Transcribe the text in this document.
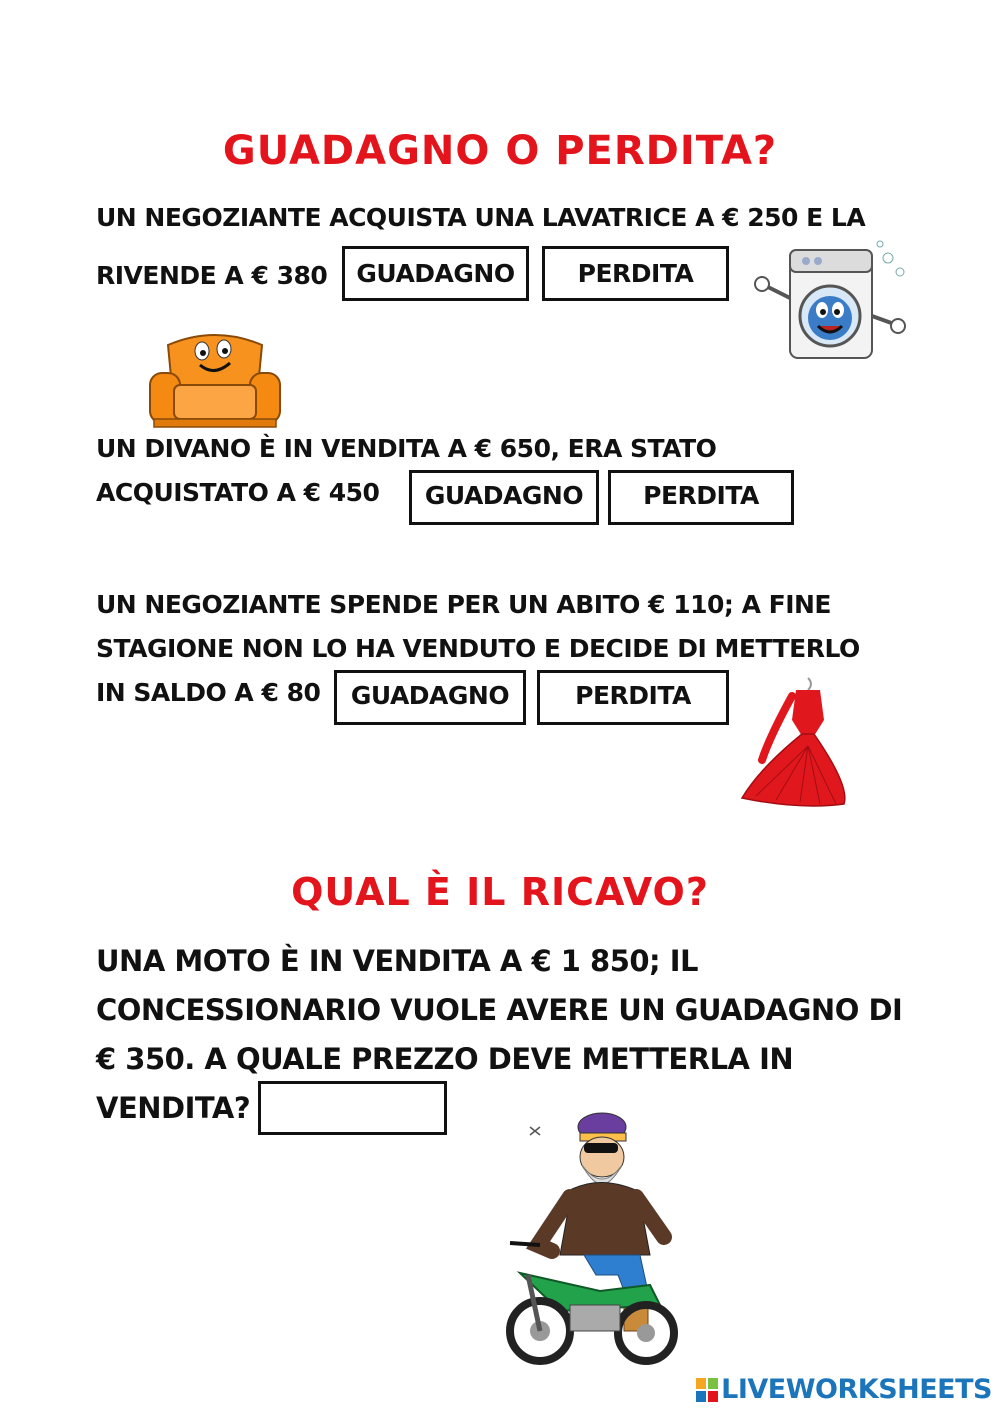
GUADAGNO O PERDITA?
UN NEGOZIANTE ACQUISTA UNA LAVATRICE A € 250 E LA
RIVENDE A € 380	GUADAGNO	PERDITA
UN DIVANO È IN VENDITA A € 650, ERA STATO
ACQUISTATO A € 450	GUADAGNO	PERDITA
UN NEGOZIANTE SPENDE PER UN ABITO € 110; A FINE
STAGIONE NON LO HA VENDUTO E DECIDE DI METTERLO
IN SALDO A € 80	GUADAGNO	PERDITA
QUAL È IL RICAVO?
UNA MOTO È IN VENDITA A € 1 850; IL
CONCESSIONARIO VUOLE AVERE UN GUADAGNO DI
€ 350. A QUALE PREZZO DEVE METTERLA IN
VENDITA?
LIVEWORKSHEETS
